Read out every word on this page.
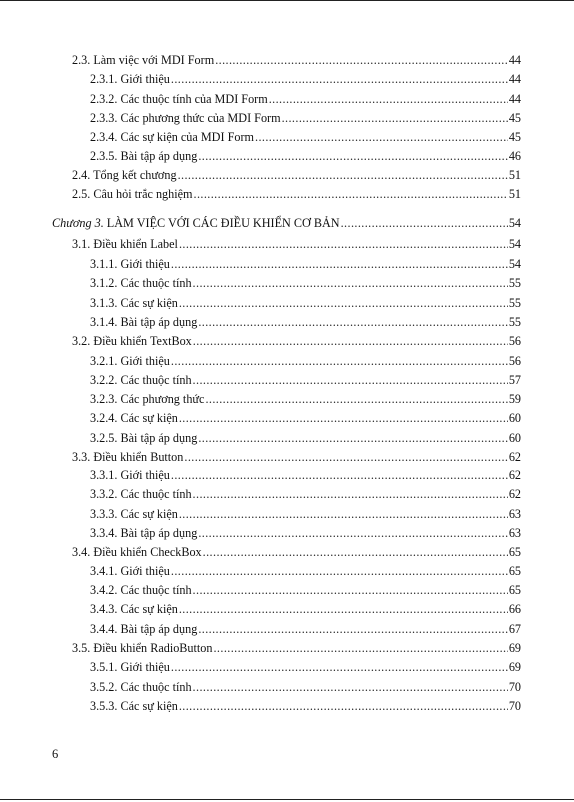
2.3. Làm việc với MDI Form .....	44
2.3.1. Giới thiệu .....	44
2.3.2. Các thuộc tính của MDI Form .....	44
2.3.3. Các phương thức của MDI Form .....	45
2.3.4. Các sự kiện của MDI Form .....	45
2.3.5. Bài tập áp dụng .....	46
2.4. Tổng kết chương .....	51
2.5. Câu hỏi trắc nghiệm .....	51
Chương 3. LÀM VIỆC VỚI CÁC ĐIỀU KHIỂN CƠ BẢN .....	54
3.1. Điều khiển Label .....	54
3.1.1. Giới thiệu .....	54
3.1.2. Các thuộc tính .....	55
3.1.3. Các sự kiện .....	55
3.1.4. Bài tập áp dụng .....	55
3.2. Điều khiển TextBox .....	56
3.2.1. Giới thiệu .....	56
3.2.2. Các thuộc tính .....	57
3.2.3. Các phương thức .....	59
3.2.4. Các sự kiện .....	60
3.2.5. Bài tập áp dụng .....	60
3.3. Điều khiển Button .....	62
3.3.1. Giới thiệu .....	62
3.3.2. Các thuộc tính .....	62
3.3.3. Các sự kiện .....	63
3.3.4. Bài tập áp dụng .....	63
3.4. Điều khiển CheckBox .....	65
3.4.1. Giới thiệu .....	65
3.4.2. Các thuộc tính .....	65
3.4.3. Các sự kiện .....	66
3.4.4. Bài tập áp dụng .....	67
3.5. Điều khiển RadioButton .....	69
3.5.1. Giới thiệu .....	69
3.5.2. Các thuộc tính .....	70
3.5.3. Các sự kiện .....	70
6
